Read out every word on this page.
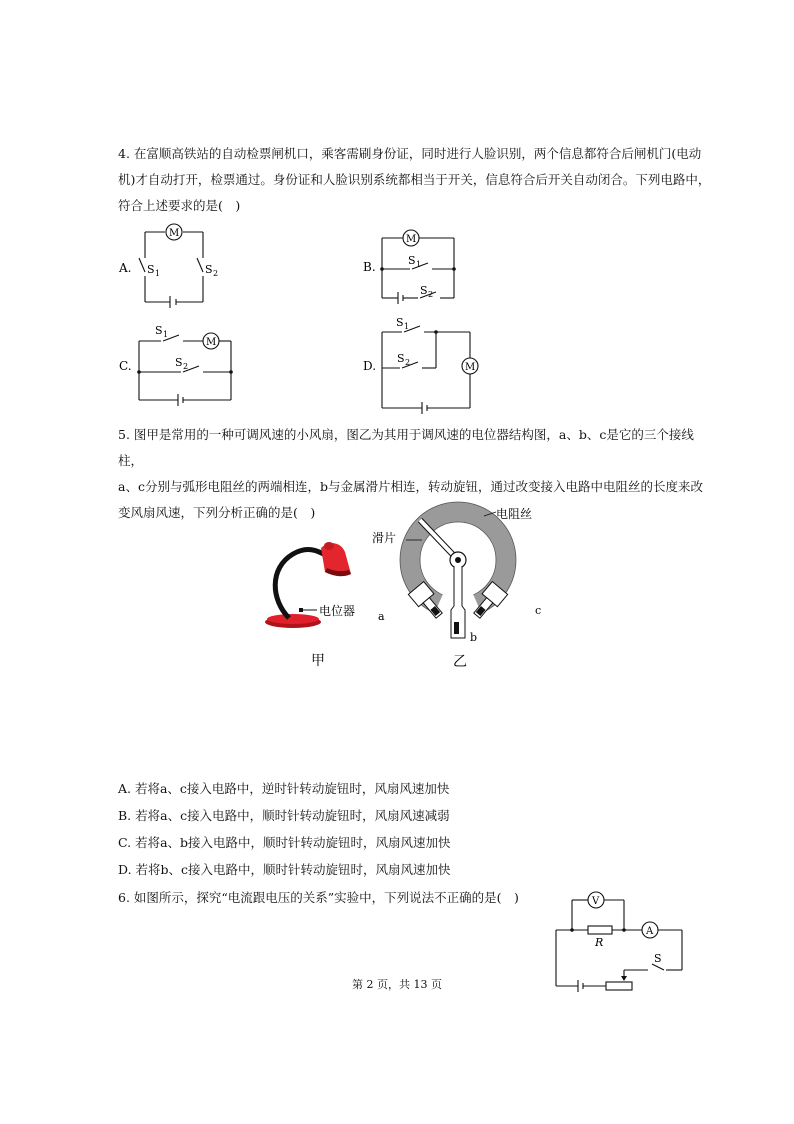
4. 在富顺高铁站的自动检票闸机口，乘客需刷身份证，同时进行人脸识别，两个信息都符合后闸机门(电动
机)才自动打开，检票通过。身份证和人脸识别系统都相当于开关，信息符合后开关自动闭合。下列电路中，
符合上述要求的是(　)
A.
M
S 1	S 2	B.
M
S 1
S 2
C.
M
S 1
S 2	D.	M
S 1
S 2
5. 图甲是常用的一种可调风速的小风扇，图乙为其用于调风速的电位器结构图，a、b、c是它的三个接线柱，
a、c分别与弧形电阻丝的两端相连，b与金属滑片相连，转动旋钮，通过改变接入电路中电阻丝的长度来改
变风扇风速，下列分析正确的是(　)
电位器
甲
滑片
电阻丝
a
b
c
乙
A. 若将a、c接入电路中，逆时针转动旋钮时，风扇风速加快
B. 若将a、c接入电路中，顺时针转动旋钮时，风扇风速减弱
C. 若将a、b接入电路中，顺时针转动旋钮时，风扇风速加快
D. 若将b、c接入电路中，顺时针转动旋钮时，风扇风速加快
6. 如图所示，探究“电流跟电压的关系”实验中，下列说法不正确的是(　)	V
A
R
S
第 2 页，共 13 页
